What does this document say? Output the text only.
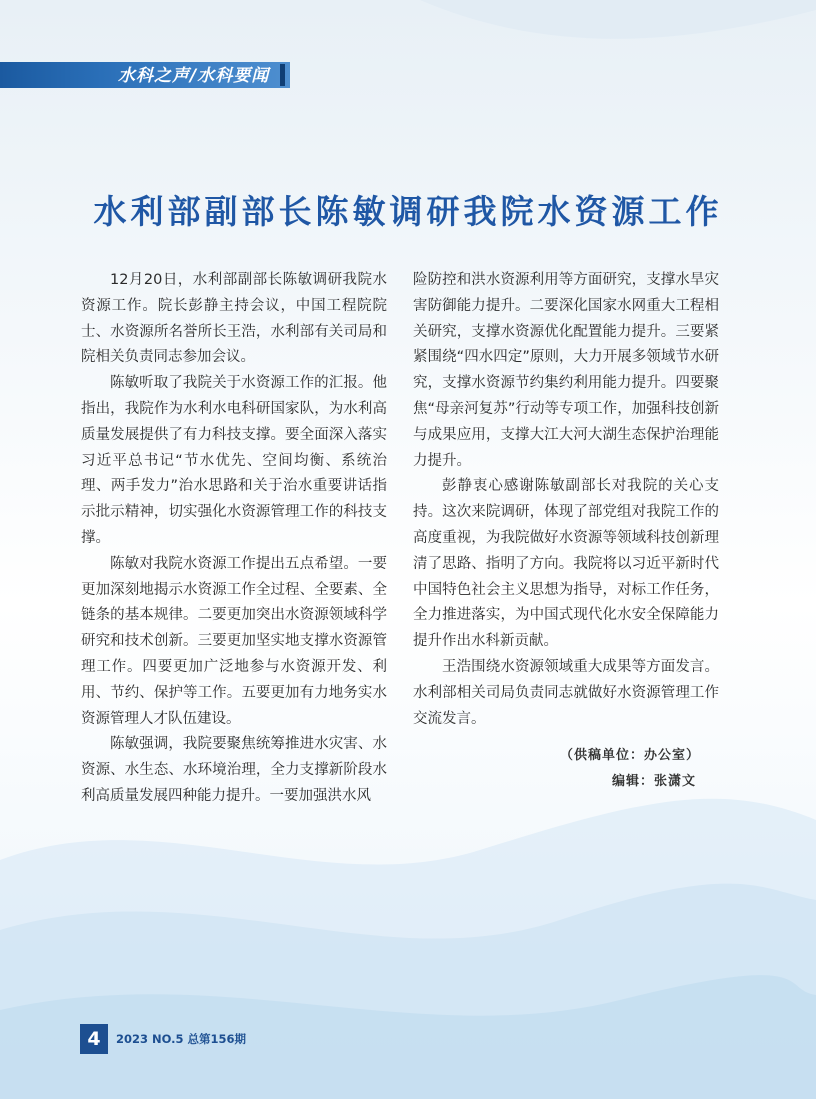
水科之声/水科要闻
水利部副部长陈敏调研我院水资源工作

12月20日，水利部副部长陈敏调研我院水资源工作。院长彭静主持会议，中国工程院院士、水资源所名誉所长王浩，水利部有关司局和院相关负责同志参加会议。

陈敏听取了我院关于水资源工作的汇报。他指出，我院作为水利水电科研国家队，为水利高质量发展提供了有力科技支撑。要全面深入落实习近平总书记“节水优先、空间均衡、系统治理、两手发力”治水思路和关于治水重要讲话指示批示精神，切实强化水资源管理工作的科技支撑。

陈敏对我院水资源工作提出五点希望。一要更加深刻地揭示水资源工作全过程、全要素、全链条的基本规律。二要更加突出水资源领域科学研究和技术创新。三要更加坚实地支撑水资源管理工作。四要更加广泛地参与水资源开发、利用、节约、保护等工作。五要更加有力地务实水资源管理人才队伍建设。

陈敏强调，我院要聚焦统筹推进水灾害、水资源、水生态、水环境治理，全力支撑新阶段水利高质量发展四种能力提升。一要加强洪水风

险防控和洪水资源利用等方面研究，支撑水旱灾害防御能力提升。二要深化国家水网重大工程相关研究，支撑水资源优化配置能力提升。三要紧紧围绕“四水四定”原则，大力开展多领域节水研究，支撑水资源节约集约利用能力提升。四要聚焦“母亲河复苏”行动等专项工作，加强科技创新与成果应用，支撑大江大河大湖生态保护治理能力提升。

彭静衷心感谢陈敏副部长对我院的关心支持。这次来院调研，体现了部党组对我院工作的高度重视，为我院做好水资源等领域科技创新理清了思路、指明了方向。我院将以习近平新时代中国特色社会主义思想为指导，对标工作任务，全力推进落实，为中国式现代化水安全保障能力提升作出水科新贡献。

王浩围绕水资源领域重大成果等方面发言。水利部相关司局负责同志就做好水资源管理工作交流发言。

（供稿单位：办公室）
编辑：张潇文
4	2023 NO.5 总第156期
